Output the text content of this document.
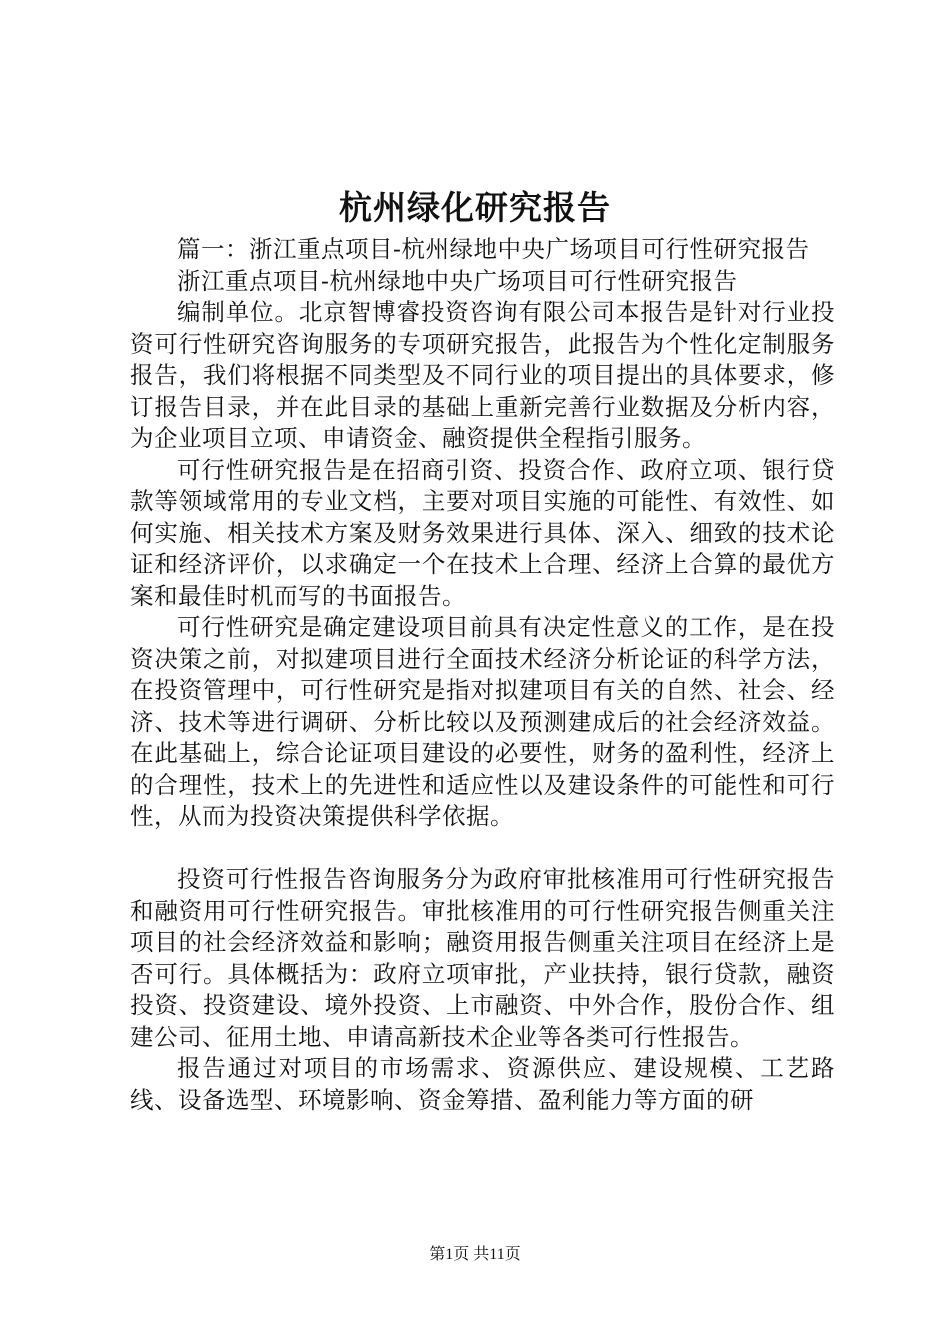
杭州绿化研究报告

篇一：浙江重点项目-杭州绿地中央广场项目可行性研究报告

浙江重点项目-杭州绿地中央广场项目可行性研究报告

编制单位。北京智博睿投资咨询有限公司本报告是针对行业投资可行性研究咨询服务的专项研究报告，此报告为个性化定制服务报告，我们将根据不同类型及不同行业的项目提出的具体要求，修订报告目录，并在此目录的基础上重新完善行业数据及分析内容，为企业项目立项、申请资金、融资提供全程指引服务。

可行性研究报告是在招商引资、投资合作、政府立项、银行贷款等领域常用的专业文档，主要对项目实施的可能性、有效性、如何实施、相关技术方案及财务效果进行具体、深入、细致的技术论证和经济评价，以求确定一个在技术上合理、经济上合算的最优方案和最佳时机而写的书面报告。

可行性研究是确定建设项目前具有决定性意义的工作，是在投资决策之前，对拟建项目进行全面技术经济分析论证的科学方法，在投资管理中，可行性研究是指对拟建项目有关的自然、社会、经济、技术等进行调研、分析比较以及预测建成后的社会经济效益。在此基础上，综合论证项目建设的必要性，财务的盈利性，经济上的合理性，技术上的先进性和适应性以及建设条件的可能性和可行性，从而为投资决策提供科学依据。

投资可行性报告咨询服务分为政府审批核准用可行性研究报告和融资用可行性研究报告。审批核准用的可行性研究报告侧重关注项目的社会经济效益和影响；融资用报告侧重关注项目在经济上是否可行。具体概括为：政府立项审批，产业扶持，银行贷款，融资投资、投资建设、境外投资、上市融资、中外合作，股份合作、组建公司、征用土地、申请高新技术企业等各类可行性报告。

报告通过对项目的市场需求、资源供应、建设规模、工艺路线、设备选型、环境影响、资金筹措、盈利能力等方面的研

第1页 共11页
